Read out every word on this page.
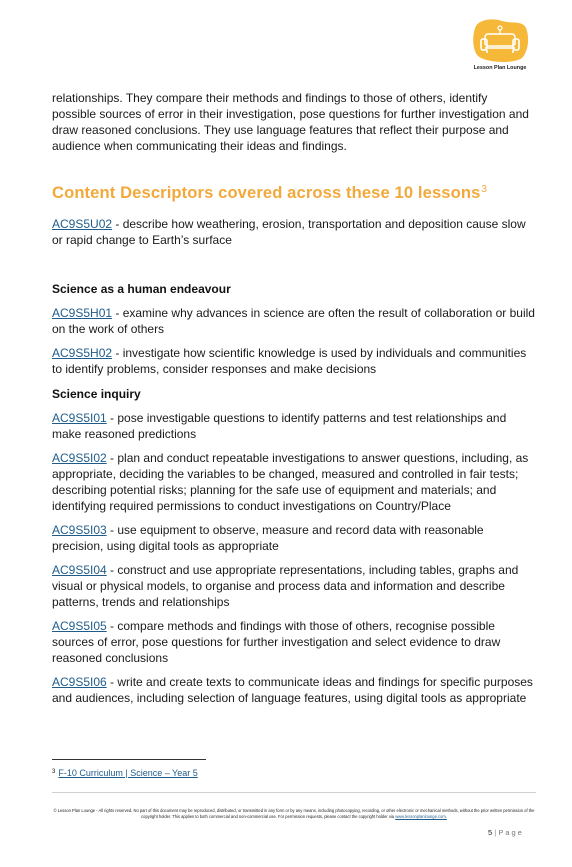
Lesson Plan Lounge

relationships. They compare their methods and findings to those of others, identify possible sources of error in their investigation, pose questions for further investigation and draw reasoned conclusions. They use language features that reflect their purpose and audience when communicating their ideas and findings.

Content Descriptors covered across these 10 lessons$^3$

AC9S5U02 - describe how weathering, erosion, transportation and deposition cause slow or rapid change to Earth’s surface

Science as a human endeavour

AC9S5H01 - examine why advances in science are often the result of collaboration or build on the work of others

AC9S5H02 - investigate how scientific knowledge is used by individuals and communities to identify problems, consider responses and make decisions

Science inquiry

AC9S5I01 - pose investigable questions to identify patterns and test relationships and make reasoned predictions

AC9S5I02 - plan and conduct repeatable investigations to answer questions, including, as appropriate, deciding the variables to be changed, measured and controlled in fair tests; describing potential risks; planning for the safe use of equipment and materials; and identifying required permissions to conduct investigations on Country/Place

AC9S5I03 - use equipment to observe, measure and record data with reasonable precision, using digital tools as appropriate

AC9S5I04 - construct and use appropriate representations, including tables, graphs and visual or physical models, to organise and process data and information and describe patterns, trends and relationships

AC9S5I05 - compare methods and findings with those of others, recognise possible sources of error, pose questions for further investigation and select evidence to draw reasoned conclusions

AC9S5I06 - write and create texts to communicate ideas and findings for specific purposes and audiences, including selection of language features, using digital tools as appropriate

$^3$ F-10 Curriculum | Science – Year 5
© Lesson Plan Lounge - All rights reserved. No part of this document may be reproduced, distributed, or transmitted in any form or by any means, including photocopying, recording, or other electronic or mechanical methods, without the prior written permission of the copyright holder. This applies to both commercial and non-commercial use. For permission requests, please contact the copyright holder via www.lessonplanlounge.com.
5 | Page
